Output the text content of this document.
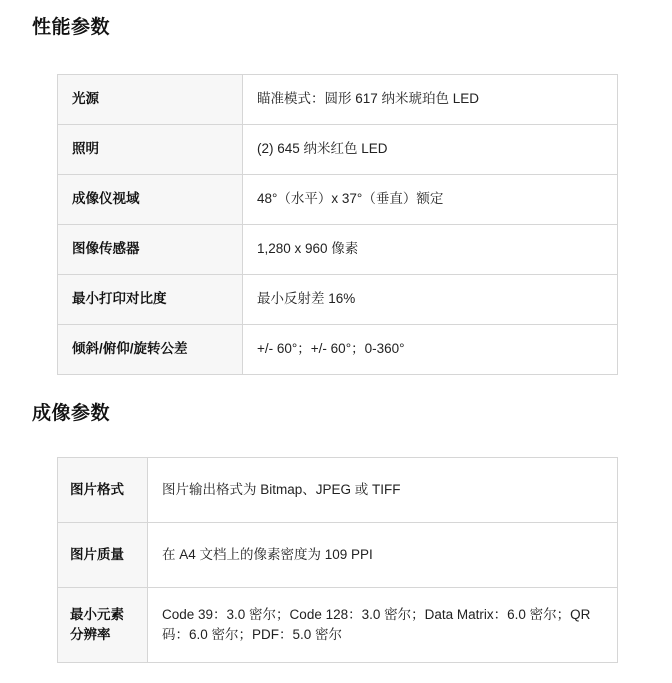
性能参数
光源	瞄准模式：圆形 617 纳米琥珀色 LED
照明	(2) 645 纳米红色 LED
成像仪视域	48°（水平）x 37°（垂直）额定
图像传感器	1,280 x 960 像素
最小打印对比度	最小反射差 16%
倾斜/俯仰/旋转公差	+/- 60°；+/- 60°；0-360°
成像参数
图片格式	图片输出格式为 Bitmap、JPEG 或 TIFF
图片质量	在 A4 文档上的像素密度为 109 PPI
最小元素分辨率	Code 39：3.0 密尔；Code 128：3.0 密尔；Data Matrix：6.0 密尔；QR 码：6.0 密尔；PDF：5.0 密尔
